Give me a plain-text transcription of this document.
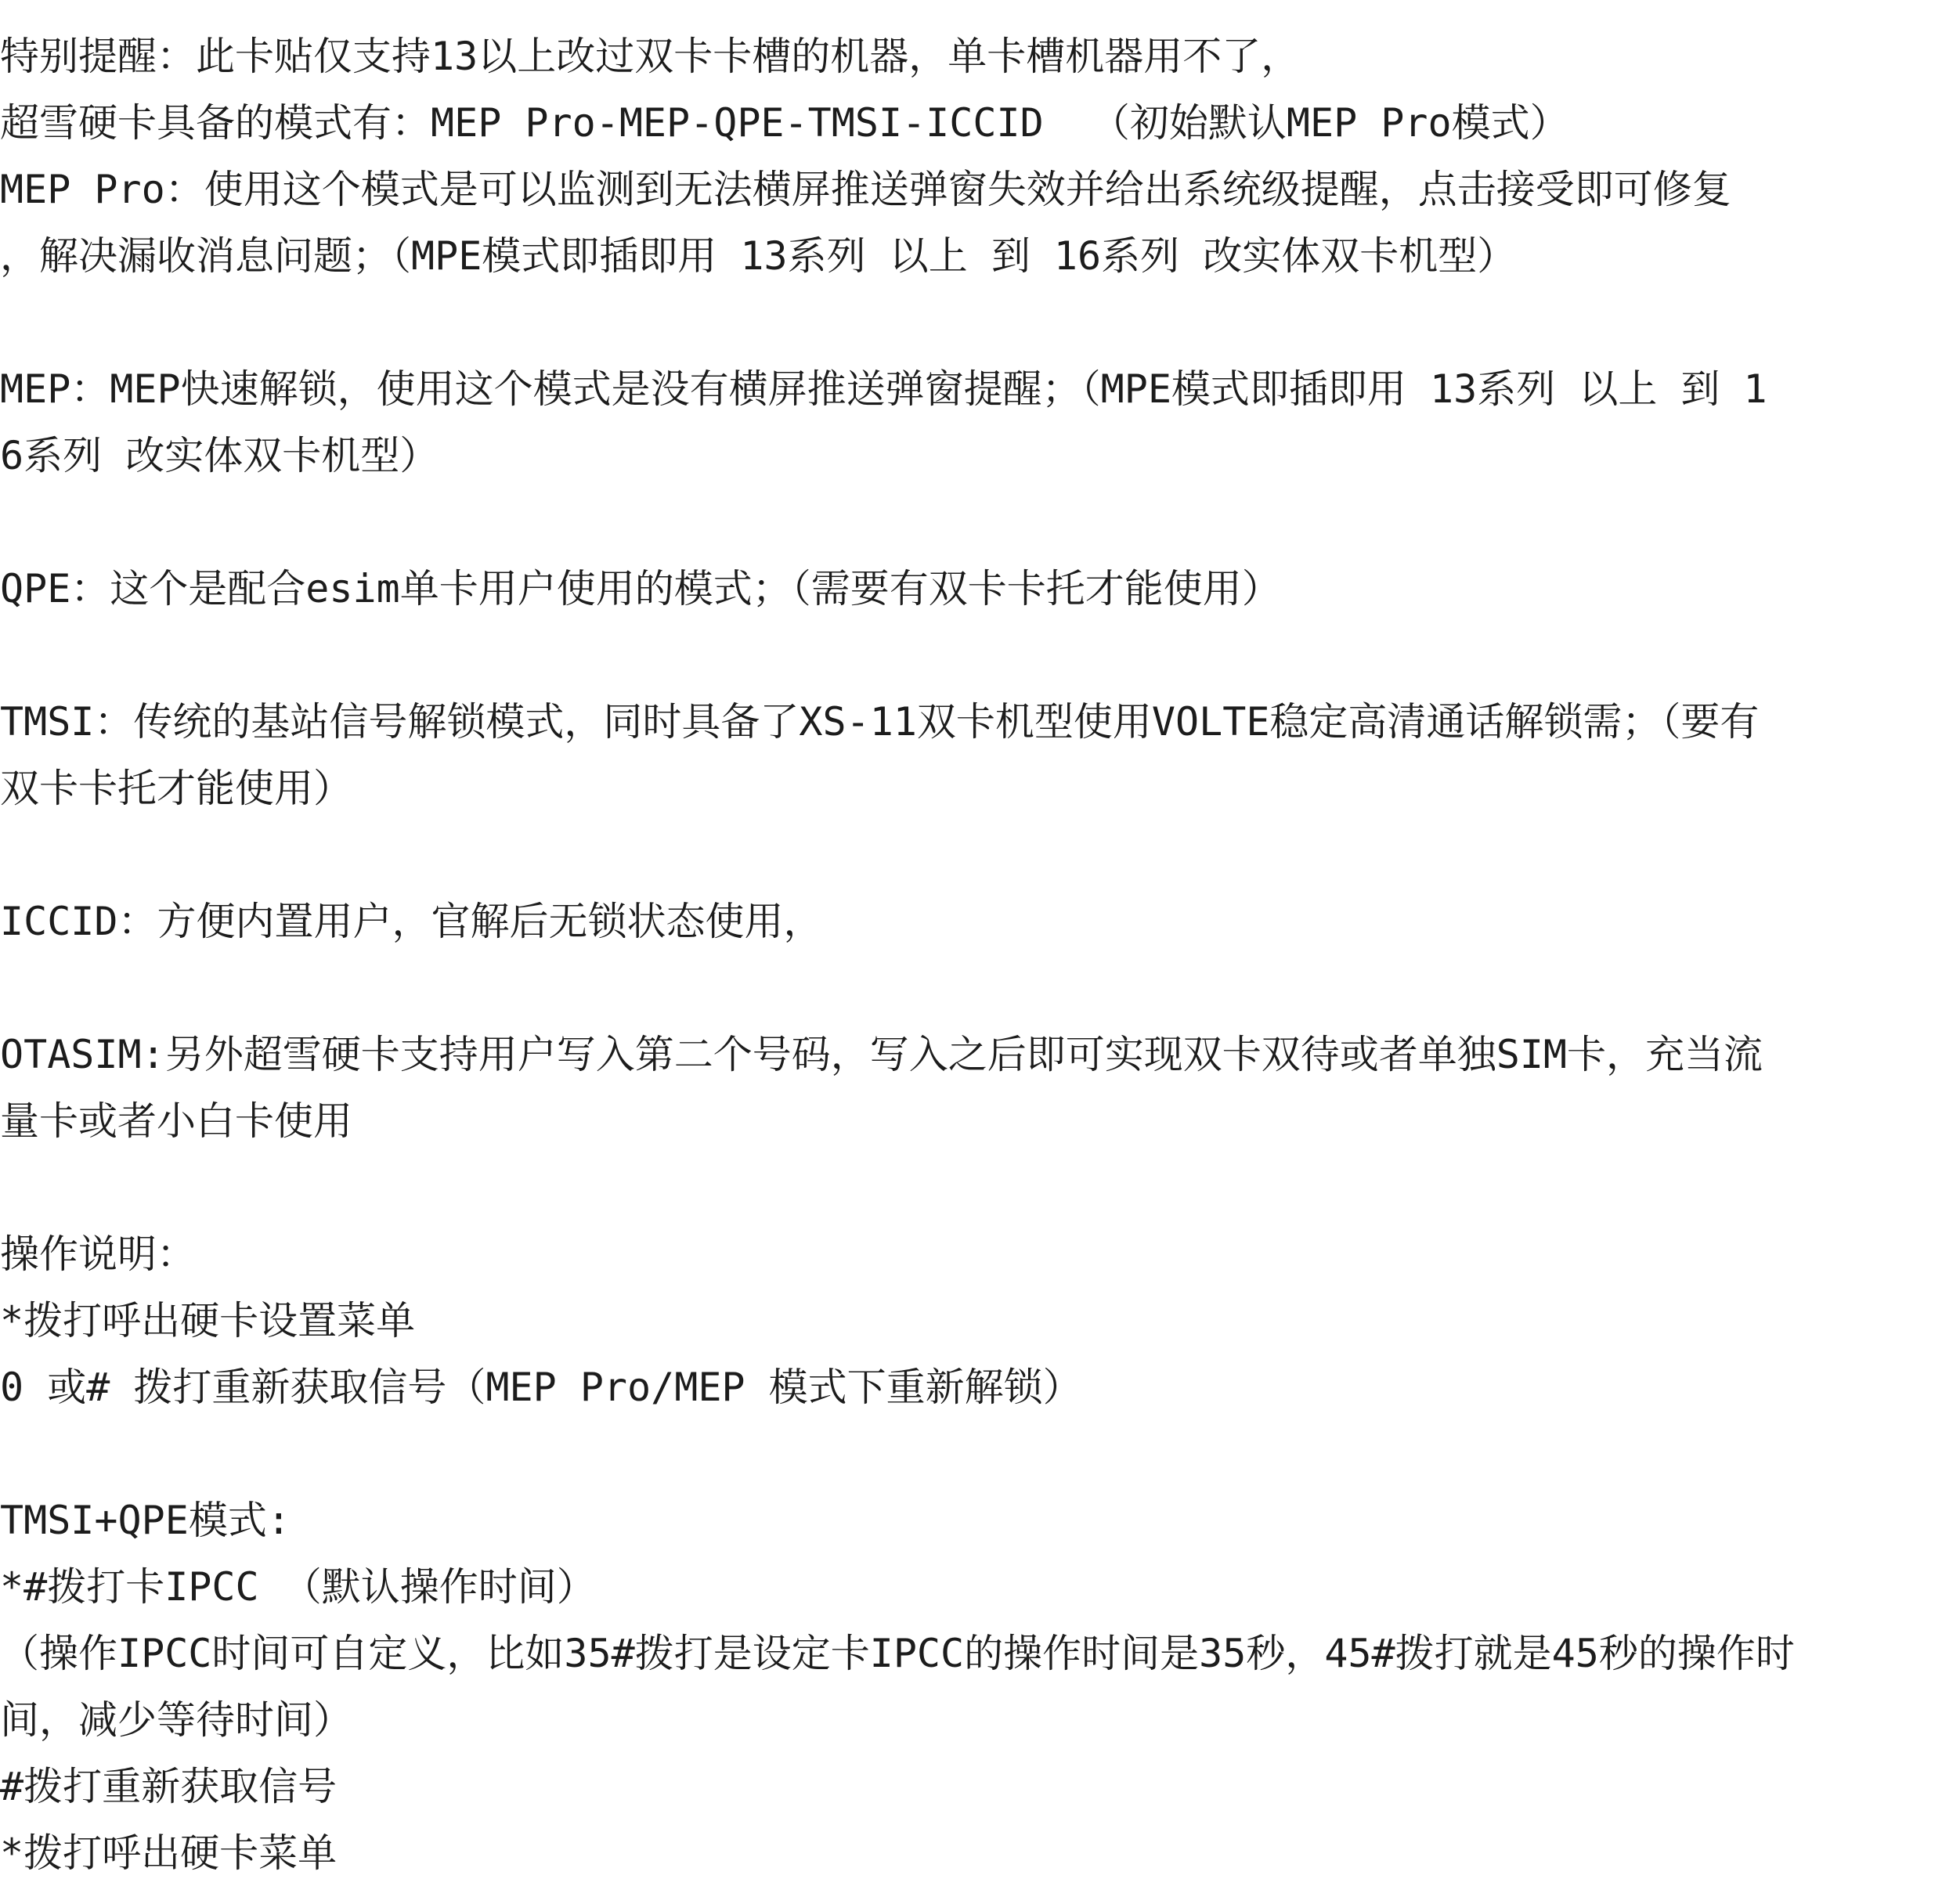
特别提醒：此卡贴仅支持13以上改过双卡卡槽的机器，单卡槽机器用不了，
超雪硬卡具备的模式有：MEP Pro-MEP-QPE-TMSI-ICCID  （初始默认MEP Pro模式）
MEP Pro：使用这个模式是可以监测到无法横屏推送弹窗失效并给出系统级提醒，点击接受即可修复
，解决漏收消息问题；（MPE模式即插即用 13系列 以上 到 16系列 改实体双卡机型）
MEP：MEP快速解锁，使用这个模式是没有横屏推送弹窗提醒；（MPE模式即插即用 13系列 以上 到 1
6系列 改实体双卡机型）
QPE：这个是配合esim单卡用户使用的模式；（需要有双卡卡托才能使用）
TMSI：传统的基站信号解锁模式，同时具备了XS-11双卡机型使用VOLTE稳定高清通话解锁需；（要有
双卡卡托才能使用）
ICCID：方便内置用户，官解后无锁状态使用，
OTASIM:另外超雪硬卡支持用户写入第二个号码，写入之后即可实现双卡双待或者单独SIM卡，充当流
量卡或者小白卡使用
操作说明：
*拨打呼出硬卡设置菜单
0 或# 拨打重新获取信号（MEP Pro/MEP 模式下重新解锁）
TMSI+QPE模式:
*#拨打卡IPCC （默认操作时间）
（操作IPCC时间可自定义，比如35#拨打是设定卡IPCC的操作时间是35秒，45#拨打就是45秒的操作时
间，减少等待时间）
#拨打重新获取信号
*拨打呼出硬卡菜单
